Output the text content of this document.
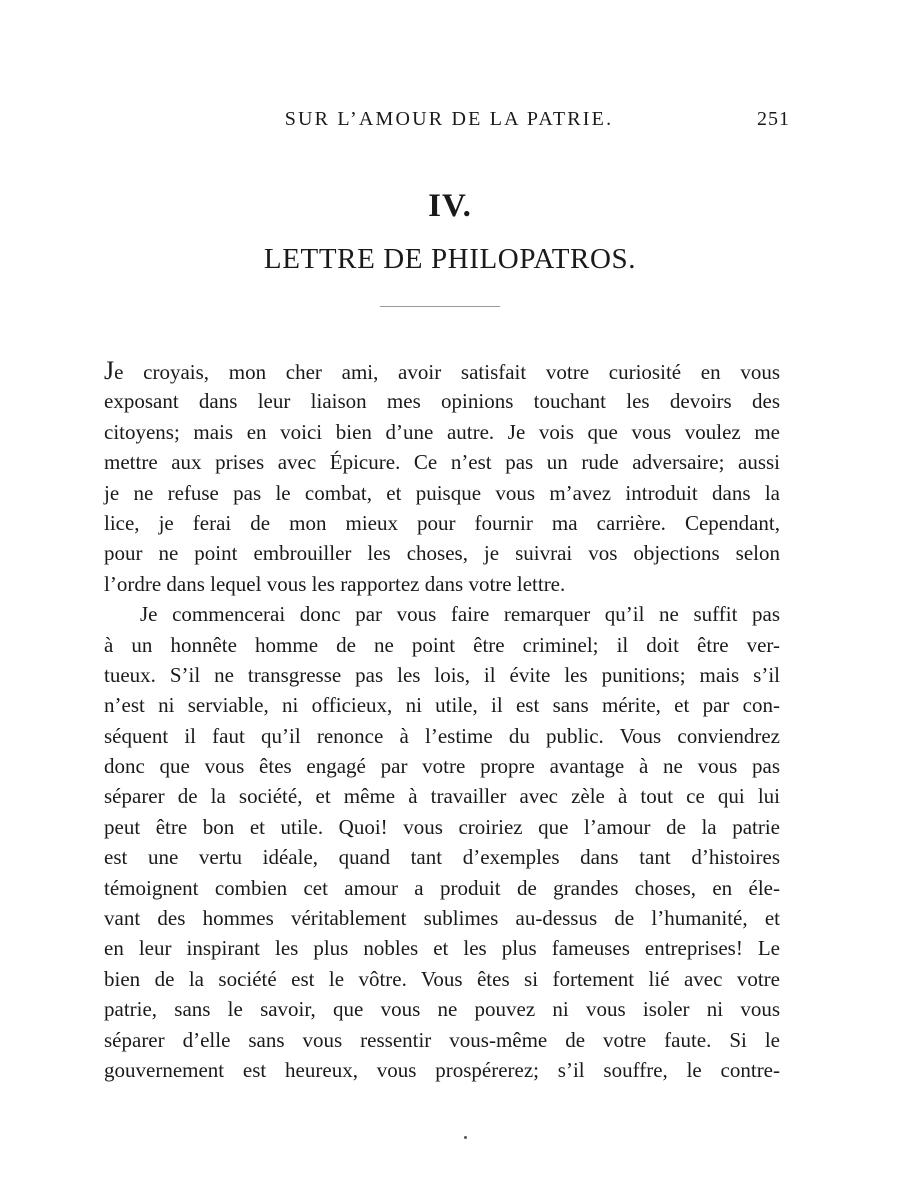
SUR L’AMOUR DE LA PATRIE.	251
IV.
LETTRE DE PHILOPATROS.
Je croyais, mon cher ami, avoir satisfait votre curiosité en vous
exposant dans leur liaison mes opinions touchant les devoirs des
citoyens; mais en voici bien d’une autre. Je vois que vous voulez me
mettre aux prises avec Épicure. Ce n’est pas un rude adversaire; aussi
je ne refuse pas le combat, et puisque vous m’avez introduit dans la
lice, je ferai de mon mieux pour fournir ma carrière. Cependant,
pour ne point embrouiller les choses, je suivrai vos objections selon
l’ordre dans lequel vous les rapportez dans votre lettre.
Je commencerai donc par vous faire remarquer qu’il ne suffit pas
à un honnête homme de ne point être criminel; il doit être ver-
tueux. S’il ne transgresse pas les lois, il évite les punitions; mais s’il
n’est ni serviable, ni officieux, ni utile, il est sans mérite, et par con-
séquent il faut qu’il renonce à l’estime du public. Vous conviendrez
donc que vous êtes engagé par votre propre avantage à ne vous pas
séparer de la société, et même à travailler avec zèle à tout ce qui lui
peut être bon et utile. Quoi! vous croiriez que l’amour de la patrie
est une vertu idéale, quand tant d’exemples dans tant d’histoires
témoignent combien cet amour a produit de grandes choses, en éle-
vant des hommes véritablement sublimes au-dessus de l’humanité, et
en leur inspirant les plus nobles et les plus fameuses entreprises! Le
bien de la société est le vôtre. Vous êtes si fortement lié avec votre
patrie, sans le savoir, que vous ne pouvez ni vous isoler ni vous
séparer d’elle sans vous ressentir vous-même de votre faute. Si le
gouvernement est heureux, vous prospérerez; s’il souffre, le contre-
